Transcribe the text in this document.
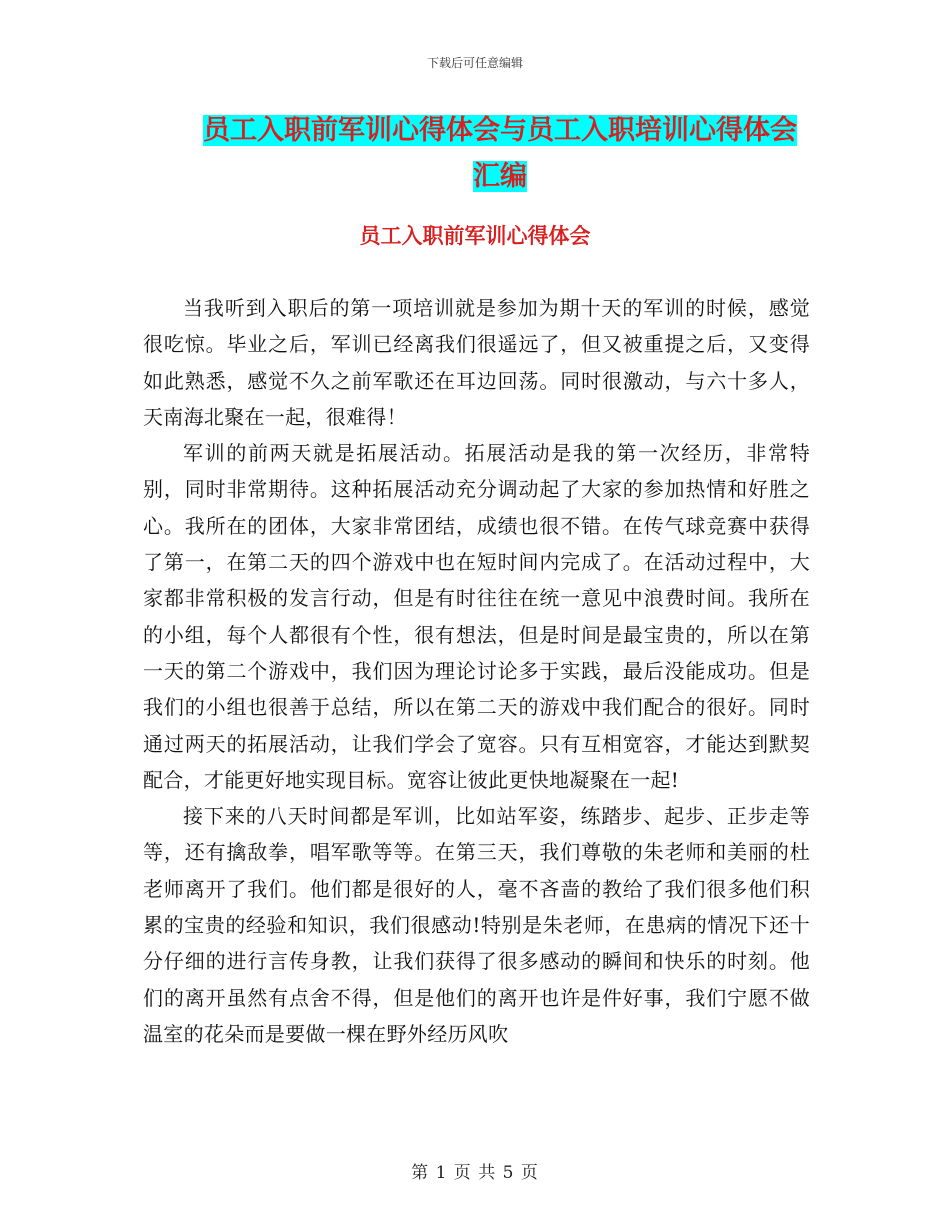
下载后可任意编辑
员工入职前军训心得体会与员工入职培训心得体会汇编
员工入职前军训心得体会

当我听到入职后的第一项培训就是参加为期十天的军训的时候，感觉很吃惊。毕业之后，军训已经离我们很遥远了，但又被重提之后，又变得如此熟悉，感觉不久之前军歌还在耳边回荡。同时很激动，与六十多人，天南海北聚在一起，很难得！

军训的前两天就是拓展活动。拓展活动是我的第一次经历，非常特别，同时非常期待。这种拓展活动充分调动起了大家的参加热情和好胜之心。我所在的团体，大家非常团结，成绩也很不错。在传气球竞赛中获得了第一，在第二天的四个游戏中也在短时间内完成了。在活动过程中，大家都非常积极的发言行动，但是有时往往在统一意见中浪费时间。我所在的小组，每个人都很有个性，很有想法，但是时间是最宝贵的，所以在第一天的第二个游戏中，我们因为理论讨论多于实践，最后没能成功。但是我们的小组也很善于总结，所以在第二天的游戏中我们配合的很好。同时通过两天的拓展活动，让我们学会了宽容。只有互相宽容，才能达到默契配合，才能更好地实现目标。宽容让彼此更快地凝聚在一起!

接下来的八天时间都是军训，比如站军姿，练踏步、起步、正步走等等，还有擒敌拳，唱军歌等等。在第三天，我们尊敬的朱老师和美丽的杜老师离开了我们。他们都是很好的人，毫不吝啬的教给了我们很多他们积累的宝贵的经验和知识，我们很感动!特别是朱老师，在患病的情况下还十分仔细的进行言传身教，让我们获得了很多感动的瞬间和快乐的时刻。他们的离开虽然有点舍不得，但是他们的离开也许是件好事，我们宁愿不做温室的花朵而是要做一棵在野外经历风吹

第 1 页 共 5 页
